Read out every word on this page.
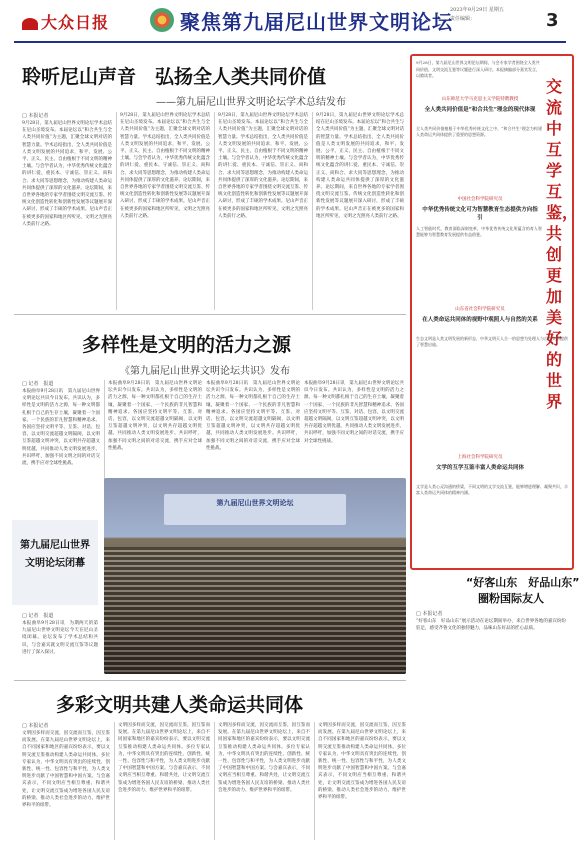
大众日报	聚焦第九届尼山世界文明论坛
2023年9月29日 星期五
责任编辑：	3
聆听尼山声音　弘扬全人类共同价值
——第九届尼山世界文明论坛学术总结发布
□ 本报记者
9月28日，第九届尼山世界文明论坛学术总结在尼山圣境发布。本届论坛以“和合共生与全人类共同价值”为主题，汇聚全球文明对话的智慧力量。学术总结指出，全人类共同价值是人类文明发展的共同追求，和平、发展、公平、正义、民主、自由植根于不同文明的精神土壤。与会学者认为，中华优秀传统文化蕴含的讲仁爱、重民本、守诚信、崇正义、尚和合、求大同等思想理念，为推动构建人类命运共同体提供了深厚的文化滋养。论坛期间，来自世界各地的专家学者围绕文明交流互鉴、传统文化创造性转化和创新性发展等议题展开深入研讨，形成了丰硕的学术成果。尼山声音正在被更多的国家和地区所听见，文明之光照亮人类前行之路。
9月28日，第九届尼山世界文明论坛学术总结在尼山圣境发布。本届论坛以“和合共生与全人类共同价值”为主题，汇聚全球文明对话的智慧力量。学术总结指出，全人类共同价值是人类文明发展的共同追求，和平、发展、公平、正义、民主、自由植根于不同文明的精神土壤。与会学者认为，中华优秀传统文化蕴含的讲仁爱、重民本、守诚信、崇正义、尚和合、求大同等思想理念，为推动构建人类命运共同体提供了深厚的文化滋养。论坛期间，来自世界各地的专家学者围绕文明交流互鉴、传统文化创造性转化和创新性发展等议题展开深入研讨，形成了丰硕的学术成果。尼山声音正在被更多的国家和地区所听见，文明之光照亮人类前行之路。
9月28日，第九届尼山世界文明论坛学术总结在尼山圣境发布。本届论坛以“和合共生与全人类共同价值”为主题，汇聚全球文明对话的智慧力量。学术总结指出，全人类共同价值是人类文明发展的共同追求，和平、发展、公平、正义、民主、自由植根于不同文明的精神土壤。与会学者认为，中华优秀传统文化蕴含的讲仁爱、重民本、守诚信、崇正义、尚和合、求大同等思想理念，为推动构建人类命运共同体提供了深厚的文化滋养。论坛期间，来自世界各地的专家学者围绕文明交流互鉴、传统文化创造性转化和创新性发展等议题展开深入研讨，形成了丰硕的学术成果。尼山声音正在被更多的国家和地区所听见，文明之光照亮人类前行之路。
9月28日，第九届尼山世界文明论坛学术总结在尼山圣境发布。本届论坛以“和合共生与全人类共同价值”为主题，汇聚全球文明对话的智慧力量。学术总结指出，全人类共同价值是人类文明发展的共同追求，和平、发展、公平、正义、民主、自由植根于不同文明的精神土壤。与会学者认为，中华优秀传统文化蕴含的讲仁爱、重民本、守诚信、崇正义、尚和合、求大同等思想理念，为推动构建人类命运共同体提供了深厚的文化滋养。论坛期间，来自世界各地的专家学者围绕文明交流互鉴、传统文化创造性转化和创新性发展等议题展开深入研讨，形成了丰硕的学术成果。尼山声音正在被更多的国家和地区所听见，文明之光照亮人类前行之路。
多样性是文明的活力之源
《第九届尼山世界文明论坛共识》发布
□ 记者　报道
本报曲阜9月28日讯　第九届尼山世界文明论坛共识今日发布。共识认为，多样性是文明的活力之源，每一种文明都扎根于自己的生存土壤，凝聚着一个国家、一个民族的非凡智慧和精神追求。各国应坚持文明平等、互鉴、对话、包容，以文明交流超越文明隔阂，以文明互鉴超越文明冲突，以文明共存超越文明优越，共同推动人类文明发展进步。共识呼吁，加强不同文明之间的对话交流，携手应对全球性挑战。
本报曲阜9月28日讯　第九届尼山世界文明论坛共识今日发布。共识认为，多样性是文明的活力之源，每一种文明都扎根于自己的生存土壤，凝聚着一个国家、一个民族的非凡智慧和精神追求。各国应坚持文明平等、互鉴、对话、包容，以文明交流超越文明隔阂，以文明互鉴超越文明冲突，以文明共存超越文明优越，共同推动人类文明发展进步。共识呼吁，加强不同文明之间的对话交流，携手应对全球性挑战。
本报曲阜9月28日讯　第九届尼山世界文明论坛共识今日发布。共识认为，多样性是文明的活力之源，每一种文明都扎根于自己的生存土壤，凝聚着一个国家、一个民族的非凡智慧和精神追求。各国应坚持文明平等、互鉴、对话、包容，以文明交流超越文明隔阂，以文明互鉴超越文明冲突，以文明共存超越文明优越，共同推动人类文明发展进步。共识呼吁，加强不同文明之间的对话交流，携手应对全球性挑战。
本报曲阜9月28日讯　第九届尼山世界文明论坛共识今日发布。共识认为，多样性是文明的活力之源，每一种文明都扎根于自己的生存土壤，凝聚着一个国家、一个民族的非凡智慧和精神追求。各国应坚持文明平等、互鉴、对话、包容，以文明交流超越文明隔阂，以文明互鉴超越文明冲突，以文明共存超越文明优越，共同推动人类文明发展进步。共识呼吁，加强不同文明之间的对话交流，携手应对全球性挑战。
第九届尼山世界文明论坛
第九届尼山世界
文明论坛闭幕
□ 记者　报道
本报曲阜9月28日讯　为期两天的第九届尼山世界文明论坛今天在尼山圣境闭幕。论坛发布了学术总结和共识，与会嘉宾就文明交流互鉴等议题进行了深入探讨。
多彩文明共建人类命运共同体
□ 本报记者
文明因多样而交流，因交流而互鉴，因互鉴而发展。在第九届尼山世界文明论坛上，来自不同国家和地区的嘉宾纷纷表示，要以文明交流互鉴推动构建人类命运共同体。多位专家认为，中华文明具有突出的连续性、创新性、统一性、包容性与和平性，为人类文明进步贡献了中国智慧和中国方案。与会嘉宾表示，不同文明应当相互尊重、和谐共处，让文明交流互鉴成为增进各国人民友谊的桥梁、推动人类社会进步的动力、维护世界和平的纽带。
文明因多样而交流，因交流而互鉴，因互鉴而发展。在第九届尼山世界文明论坛上，来自不同国家和地区的嘉宾纷纷表示，要以文明交流互鉴推动构建人类命运共同体。多位专家认为，中华文明具有突出的连续性、创新性、统一性、包容性与和平性，为人类文明进步贡献了中国智慧和中国方案。与会嘉宾表示，不同文明应当相互尊重、和谐共处，让文明交流互鉴成为增进各国人民友谊的桥梁、推动人类社会进步的动力、维护世界和平的纽带。
文明因多样而交流，因交流而互鉴，因互鉴而发展。在第九届尼山世界文明论坛上，来自不同国家和地区的嘉宾纷纷表示，要以文明交流互鉴推动构建人类命运共同体。多位专家认为，中华文明具有突出的连续性、创新性、统一性、包容性与和平性，为人类文明进步贡献了中国智慧和中国方案。与会嘉宾表示，不同文明应当相互尊重、和谐共处，让文明交流互鉴成为增进各国人民友谊的桥梁、推动人类社会进步的动力、维护世界和平的纽带。
文明因多样而交流，因交流而互鉴，因互鉴而发展。在第九届尼山世界文明论坛上，来自不同国家和地区的嘉宾纷纷表示，要以文明交流互鉴推动构建人类命运共同体。多位专家认为，中华文明具有突出的连续性、创新性、统一性、包容性与和平性，为人类文明进步贡献了中国智慧和中国方案。与会嘉宾表示，不同文明应当相互尊重、和谐共处，让文明交流互鉴成为增进各国人民友谊的桥梁、推动人类社会进步的动力、维护世界和平的纽带。
交流中互学互鉴，共创更加美好的世界
9月28日，第九届尼山世界文明论坛期间，与会专家学者围绕全人类共同价值、文明交流互鉴等议题进行深入研讨。本报摘编部分嘉宾发言，以飨读者。
山东师范大学马克思主义学院特聘教授
全人类共同价值是“和合共生”理念的现代体现
全人类共同价值植根于中华优秀传统文化之中，“和合共生”理念为构建人类命运共同体提供了重要的思想资源。
中国社会科学院研究员
中华优秀传统文化可为智慧教育生态提供方向指引
人工智能时代，教育面临深刻变革，中华优秀传统文化所蕴含的育人智慧能够为智慧教育发展提供有益借鉴。
山东省社会科学院研究员
在人类命运共同体的视野中观照人与自然的关系
生态文明是人类文明发展的新形态，中华文明天人合一的思想为处理人与自然关系提供了智慧启迪。
上海社会科学院研究员
文学的互学互鉴丰富人类命运共同体
文学是人类心灵沟通的桥梁，不同文明的文学交流互鉴，能够增进理解、凝聚共识，丰富人类命运共同体的精神内涵。
“好客山东　好品山东”
圈粉国际友人
□ 本报记者
“好客山东　好品山东”展示活动在论坛期间举办，来自世界各地的嘉宾纷纷驻足，感受齐鲁文化的独特魅力，品味山东好品的匠心品质。
